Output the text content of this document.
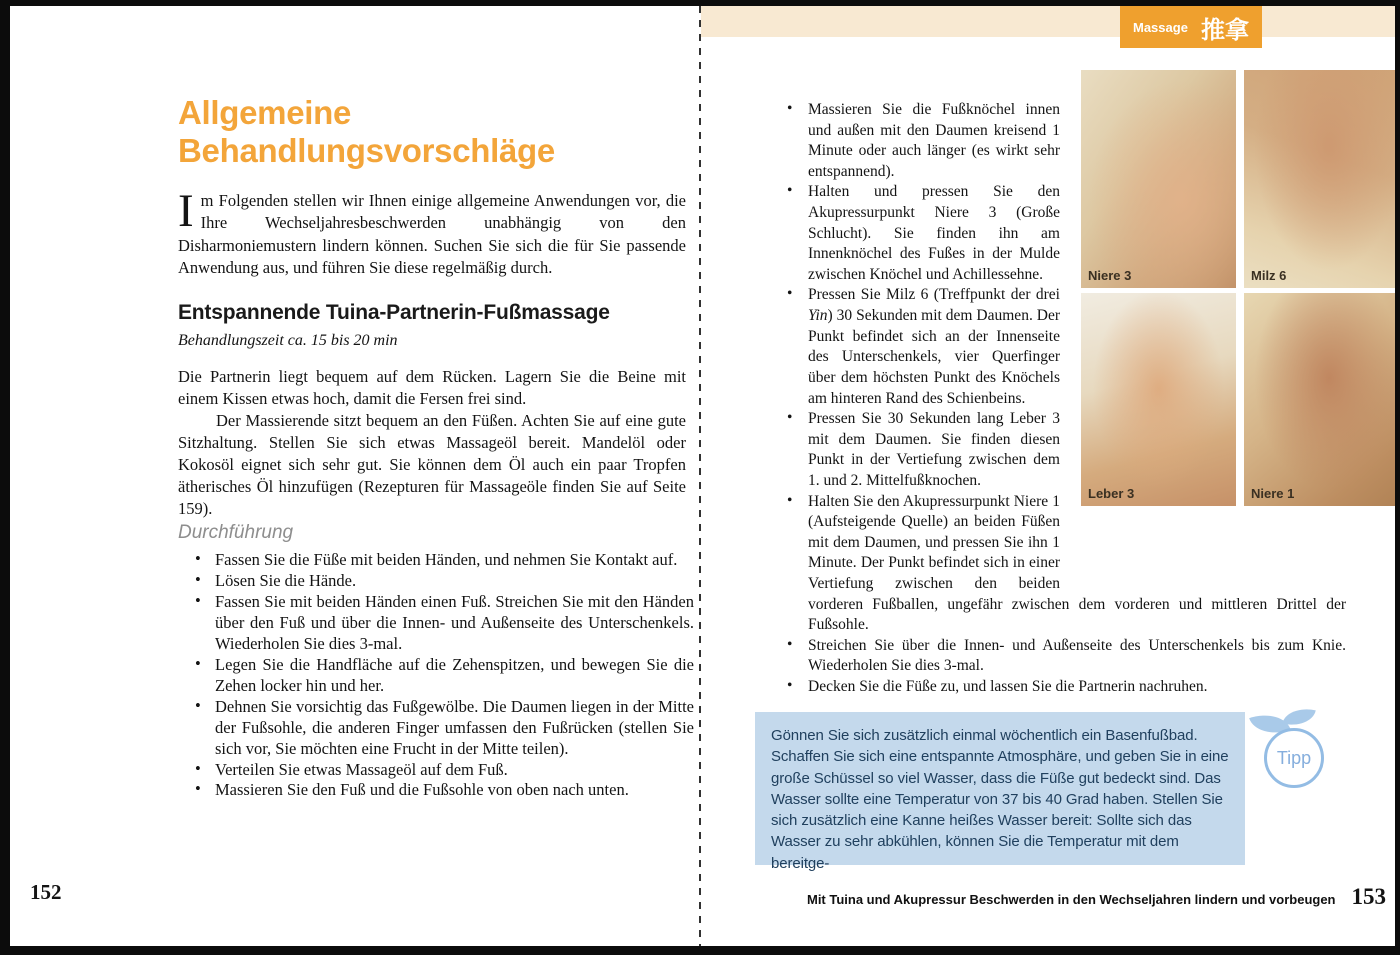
Massage 推拿
Allgemeine
Behandlungsvorschläge
Im Folgenden stellen wir Ihnen einige allgemeine Anwendungen vor, die Ihre Wechseljahresbeschwerden unabhängig von den Disharmoniemustern lindern können. Suchen Sie sich die für Sie passende Anwendung aus, und führen Sie diese regelmäßig durch.
Entspannende Tuina-Partnerin-Fußmassage
Behandlungszeit ca. 15 bis 20 min

Die Partnerin liegt bequem auf dem Rücken. Lagern Sie die Beine mit einem Kissen etwas hoch, damit die Fersen frei sind.

Der Massierende sitzt bequem an den Füßen. Achten Sie auf eine gute Sitzhaltung. Stellen Sie sich etwas Massageöl bereit. Mandelöl oder Kokosöl eignet sich sehr gut. Sie können dem Öl auch ein paar Tropfen ätherisches Öl hinzufügen (Rezepturen für Massageöle finden Sie auf Seite 159).

Durchführung
• Fassen Sie die Füße mit beiden Händen, und nehmen Sie Kontakt auf.
• Lösen Sie die Hände.
• Fassen Sie mit beiden Händen einen Fuß. Streichen Sie mit den Händen über den Fuß und über die Innen- und Außenseite des Unterschenkels. Wiederholen Sie dies 3-mal.
• Legen Sie die Handfläche auf die Zehenspitzen, und bewegen Sie die Zehen locker hin und her.
• Dehnen Sie vorsichtig das Fußgewölbe. Die Daumen liegen in der Mitte der Fußsohle, die anderen Finger umfassen den Fußrücken (stellen Sie sich vor, Sie möchten eine Frucht in der Mitte teilen).
• Verteilen Sie etwas Massageöl auf dem Fuß.
• Massieren Sie den Fuß und die Fußsohle von oben nach unten.
152
• Massieren Sie die Fußknöchel innen und außen mit den Daumen kreisend 1 Minute oder auch länger (es wirkt sehr entspannend).
• Halten und pressen Sie den Akupressurpunkt Niere 3 (Große Schlucht). Sie finden ihn am Innenknöchel des Fußes in der Mulde zwischen Knöchel und Achillessehne.
• Pressen Sie Milz 6 (Treffpunkt der drei Yin) 30 Sekunden mit dem Daumen. Der Punkt befindet sich an der Innenseite des Unterschenkels, vier Querfinger über dem höchsten Punkt des Knöchels am hinteren Rand des Schienbeins.
• Pressen Sie 30 Sekunden lang Leber 3 mit dem Daumen. Sie finden diesen Punkt in der Vertiefung zwischen dem 1. und 2. Mittelfußknochen.
• Halten Sie den Akupressurpunkt Niere 1 (Aufsteigende Quelle) an beiden Füßen mit dem Daumen, und pressen Sie ihn 1 Minute. Der Punkt befindet sich in einer Vertiefung zwischen den beiden vorderen Fußballen, ungefähr zwischen dem vorderen und mittleren Drittel der Fußsohle.
• Streichen Sie über die Innen- und Außenseite des Unterschenkels bis zum Knie. Wiederholen Sie dies 3-mal.
• Decken Sie die Füße zu, und lassen Sie die Partnerin nachruhen.
Niere 3	Milz 6
Leber 3	Niere 1
Gönnen Sie sich zusätzlich einmal wöchentlich ein Basenfußbad. Schaffen Sie sich eine entspannte Atmosphäre, und geben Sie in eine große Schüssel so viel Wasser, dass die Füße gut bedeckt sind. Das Wasser sollte eine Temperatur von 37 bis 40 Grad haben. Stellen Sie sich zusätzlich eine Kanne heißes Wasser bereit: Sollte sich das Wasser zu sehr abkühlen, können Sie die Temperatur mit dem bereitge-
Tipp
Mit Tuina und Akupressur Beschwerden in den Wechseljahren lindern und vorbeugen 153
